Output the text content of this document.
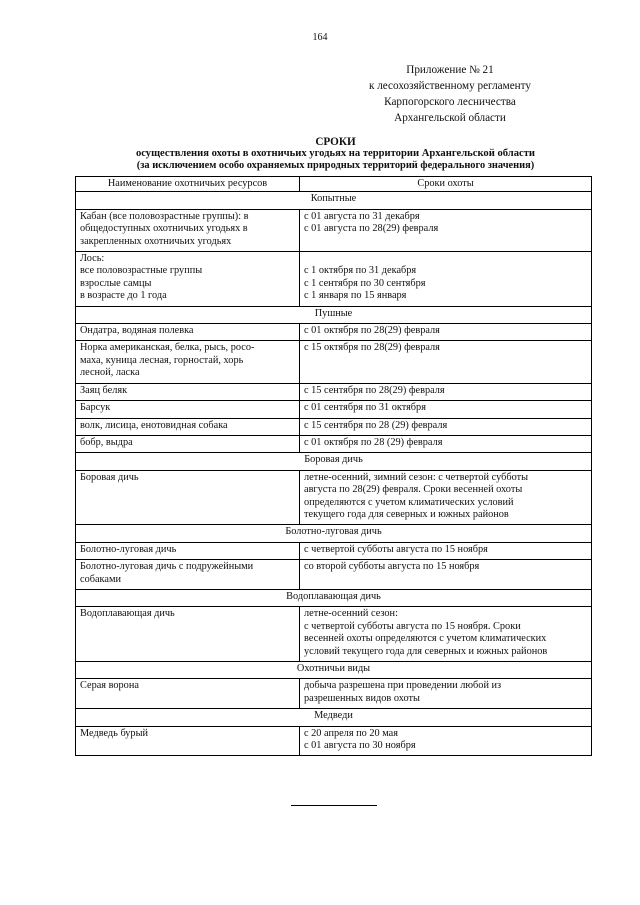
164
Приложение № 21
к лесохозяйственному регламенту
Карпогорского лесничества
Архангельской области
СРОКИ
осуществления охоты в охотничьих угодьях на территории Архангельской области
(за исключением особо охраняемых природных территорий федерального значения)
Наименование охотничьих ресурсов	Сроки охоты
Копытные	

Кабан (все половозрастные группы): в
общедоступных охотничьих угодьях в
закрепленных охотничьих угодьях	с 01 августа по 31 декабря
с 01 августа по 28(29) февраля

Лось:
все половозрастные группы
взрослые самцы
в возрасте до 1 года	с 1 октября по 31 декабря
с 1 сентября по 30 сентября
с 1 января по 15 января

Пушные	

Ондатра, водяная полевка	с 01 октября по 28(29) февраля

Норка американская, белка, рысь, росо-
маха, куница лесная, горностай, хорь
лесной, ласка	с 15 октября по 28(29) февраля

Заяц беляк	с 15 сентября по 28(29) февраля

Барсук	с 01 сентября по 31 октября

волк, лисица, енотовидная собака	с 15 сентября по 28 (29) февраля

бобр, выдра	с 01 октября по 28 (29) февраля

Боровая дичь	

Боровая дичь	летне-осенний, зимний сезон: с четвертой субботы
августа по 28(29) февраля. Сроки весенней охоты
определяются с учетом климатических условий
текущего года для северных и южных районов

Болотно-луговая дичь	

Болотно-луговая дичь	с четвертой субботы августа по 15 ноября

Болотно-луговая дичь с подружейными
собаками	со второй субботы августа по 15 ноября

Водоплавающая дичь	

Водоплавающая дичь	летне-осенний сезон:
с четвертой субботы августа по 15 ноября. Сроки
весенней охоты определяются с учетом климатических
условий текущего года для северных и южных районов

Охотничьи виды	

Серая ворона	добыча разрешена при проведении любой из
разрешенных видов охоты

Медведи	

Медведь бурый	с 20 апреля по 20 мая
с 01 августа по 30 ноября
